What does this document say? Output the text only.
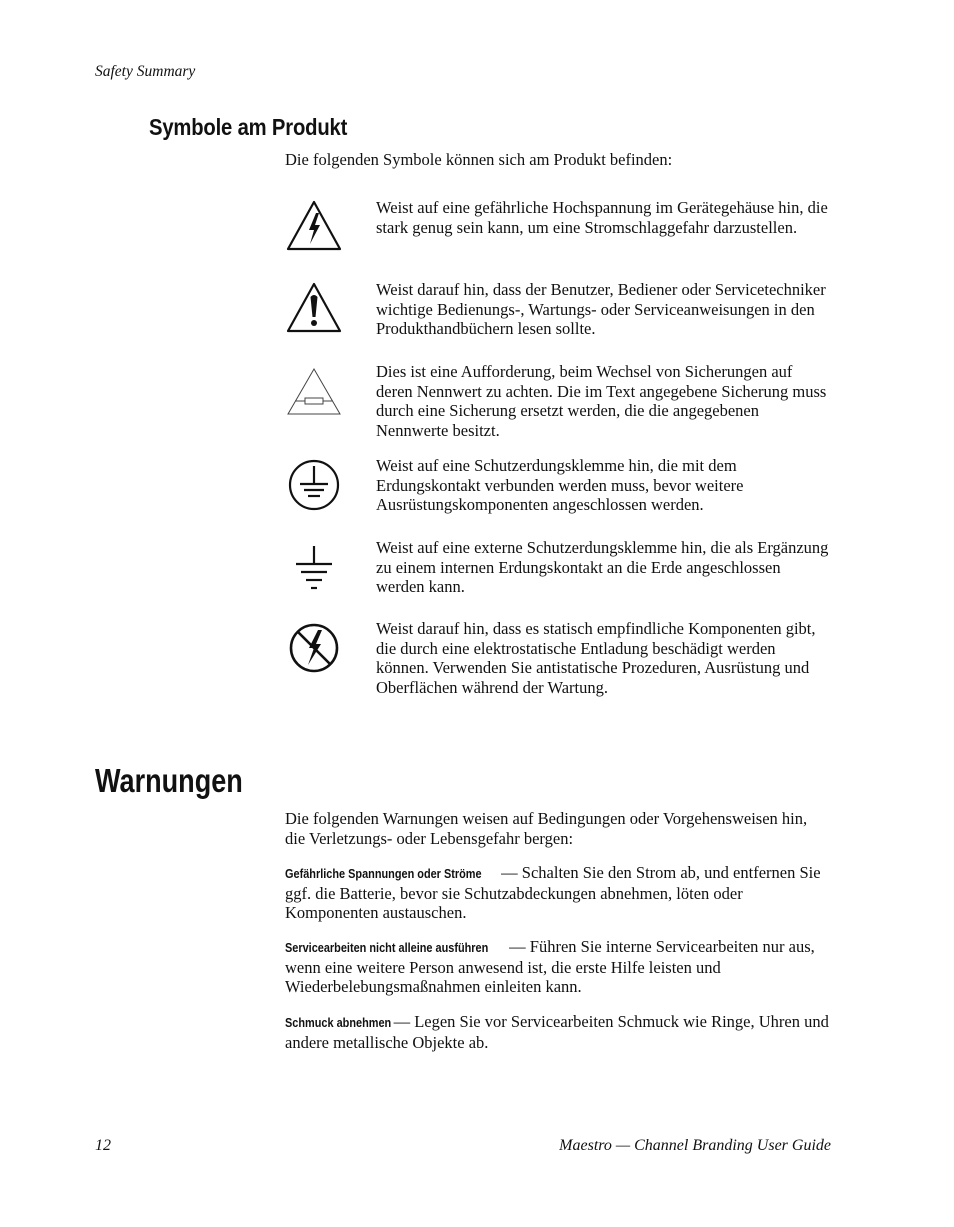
Safety Summary
Symbole am Produkt

Die folgenden Symbole können sich am Produkt befinden:

Weist auf eine gefährliche Hochspannung im Gerätegehäuse hin, die stark genug sein kann, um eine Stromschlaggefahr darzustellen.

Weist darauf hin, dass der Benutzer, Bediener oder Servicetechniker wichtige Bedienungs-, Wartungs- oder Serviceanweisungen in den Produkthandbüchern lesen sollte.

Dies ist eine Aufforderung, beim Wechsel von Sicherungen auf deren Nennwert zu achten. Die im Text angegebene Sicherung muss durch eine Sicherung ersetzt werden, die die angegebenen Nennwerte besitzt.

Weist auf eine Schutzerdungsklemme hin, die mit dem Erdungskontakt verbunden werden muss, bevor weitere Ausrüstungskomponenten angeschlossen werden.

Weist auf eine externe Schutzerdungsklemme hin, die als Ergänzung zu einem internen Erdungskontakt an die Erde angeschlossen werden kann.

Weist darauf hin, dass es statisch empfindliche Komponenten gibt, die durch eine elektrostatische Entladung beschädigt werden können. Verwenden Sie antistatische Prozeduren, Ausrüstung und Oberflächen während der Wartung.

Warnungen

Die folgenden Warnungen weisen auf Bedingungen oder Vorgehensweisen hin, die Verletzungs- oder Lebensgefahr bergen:

Gefährliche Spannungen oder Ströme — Schalten Sie den Strom ab, und entfernen Sie ggf. die Batterie, bevor sie Schutzabdeckungen abnehmen, löten oder Komponenten austauschen.

Servicearbeiten nicht alleine ausführen — Führen Sie interne Servicearbeiten nur aus, wenn eine weitere Person anwesend ist, die erste Hilfe leisten und Wiederbelebungsmaßnahmen einleiten kann.

Schmuck abnehmen — Legen Sie vor Servicearbeiten Schmuck wie Ringe, Uhren und andere metallische Objekte ab.

12	Maestro — Channel Branding User Guide
